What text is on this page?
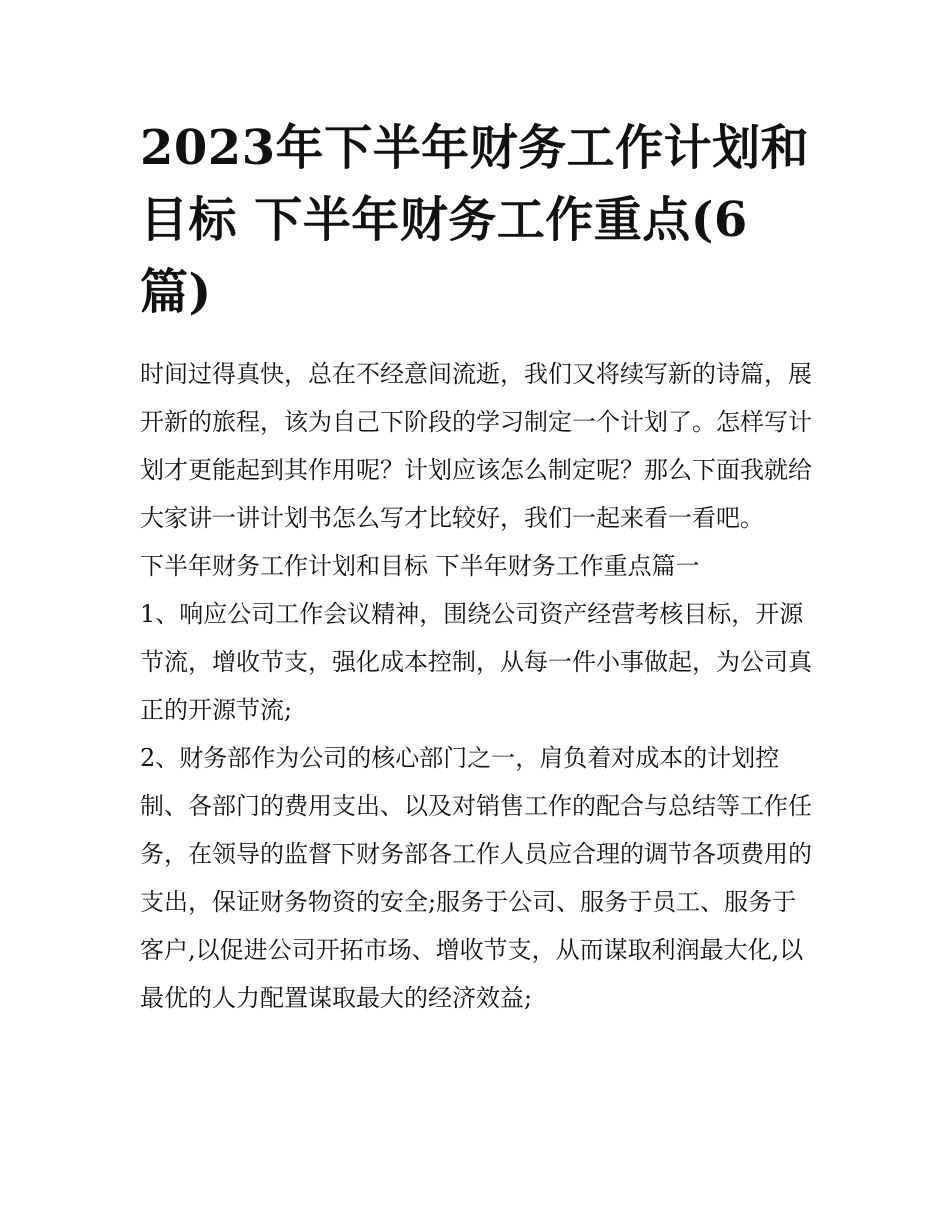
2023年下半年财务工作计划和目标 下半年财务工作重点(6篇)

时间过得真快，总在不经意间流逝，我们又将续写新的诗篇，展开新的旅程，该为自己下阶段的学习制定一个计划了。怎样写计划才更能起到其作用呢？计划应该怎么制定呢？那么下面我就给大家讲一讲计划书怎么写才比较好，我们一起来看一看吧。

下半年财务工作计划和目标 下半年财务工作重点篇一

1、响应公司工作会议精神，围绕公司资产经营考核目标，开源节流，增收节支，强化成本控制，从每一件小事做起，为公司真正的开源节流;

2、财务部作为公司的核心部门之一，肩负着对成本的计划控制、各部门的费用支出、以及对销售工作的配合与总结等工作任务，在领导的监督下财务部各工作人员应合理的调节各项费用的支出，保证财务物资的安全;服务于公司、服务于员工、服务于客户,以促进公司开拓市场、增收节支，从而谋取利润最大化,以最优的人力配置谋取最大的经济效益;
